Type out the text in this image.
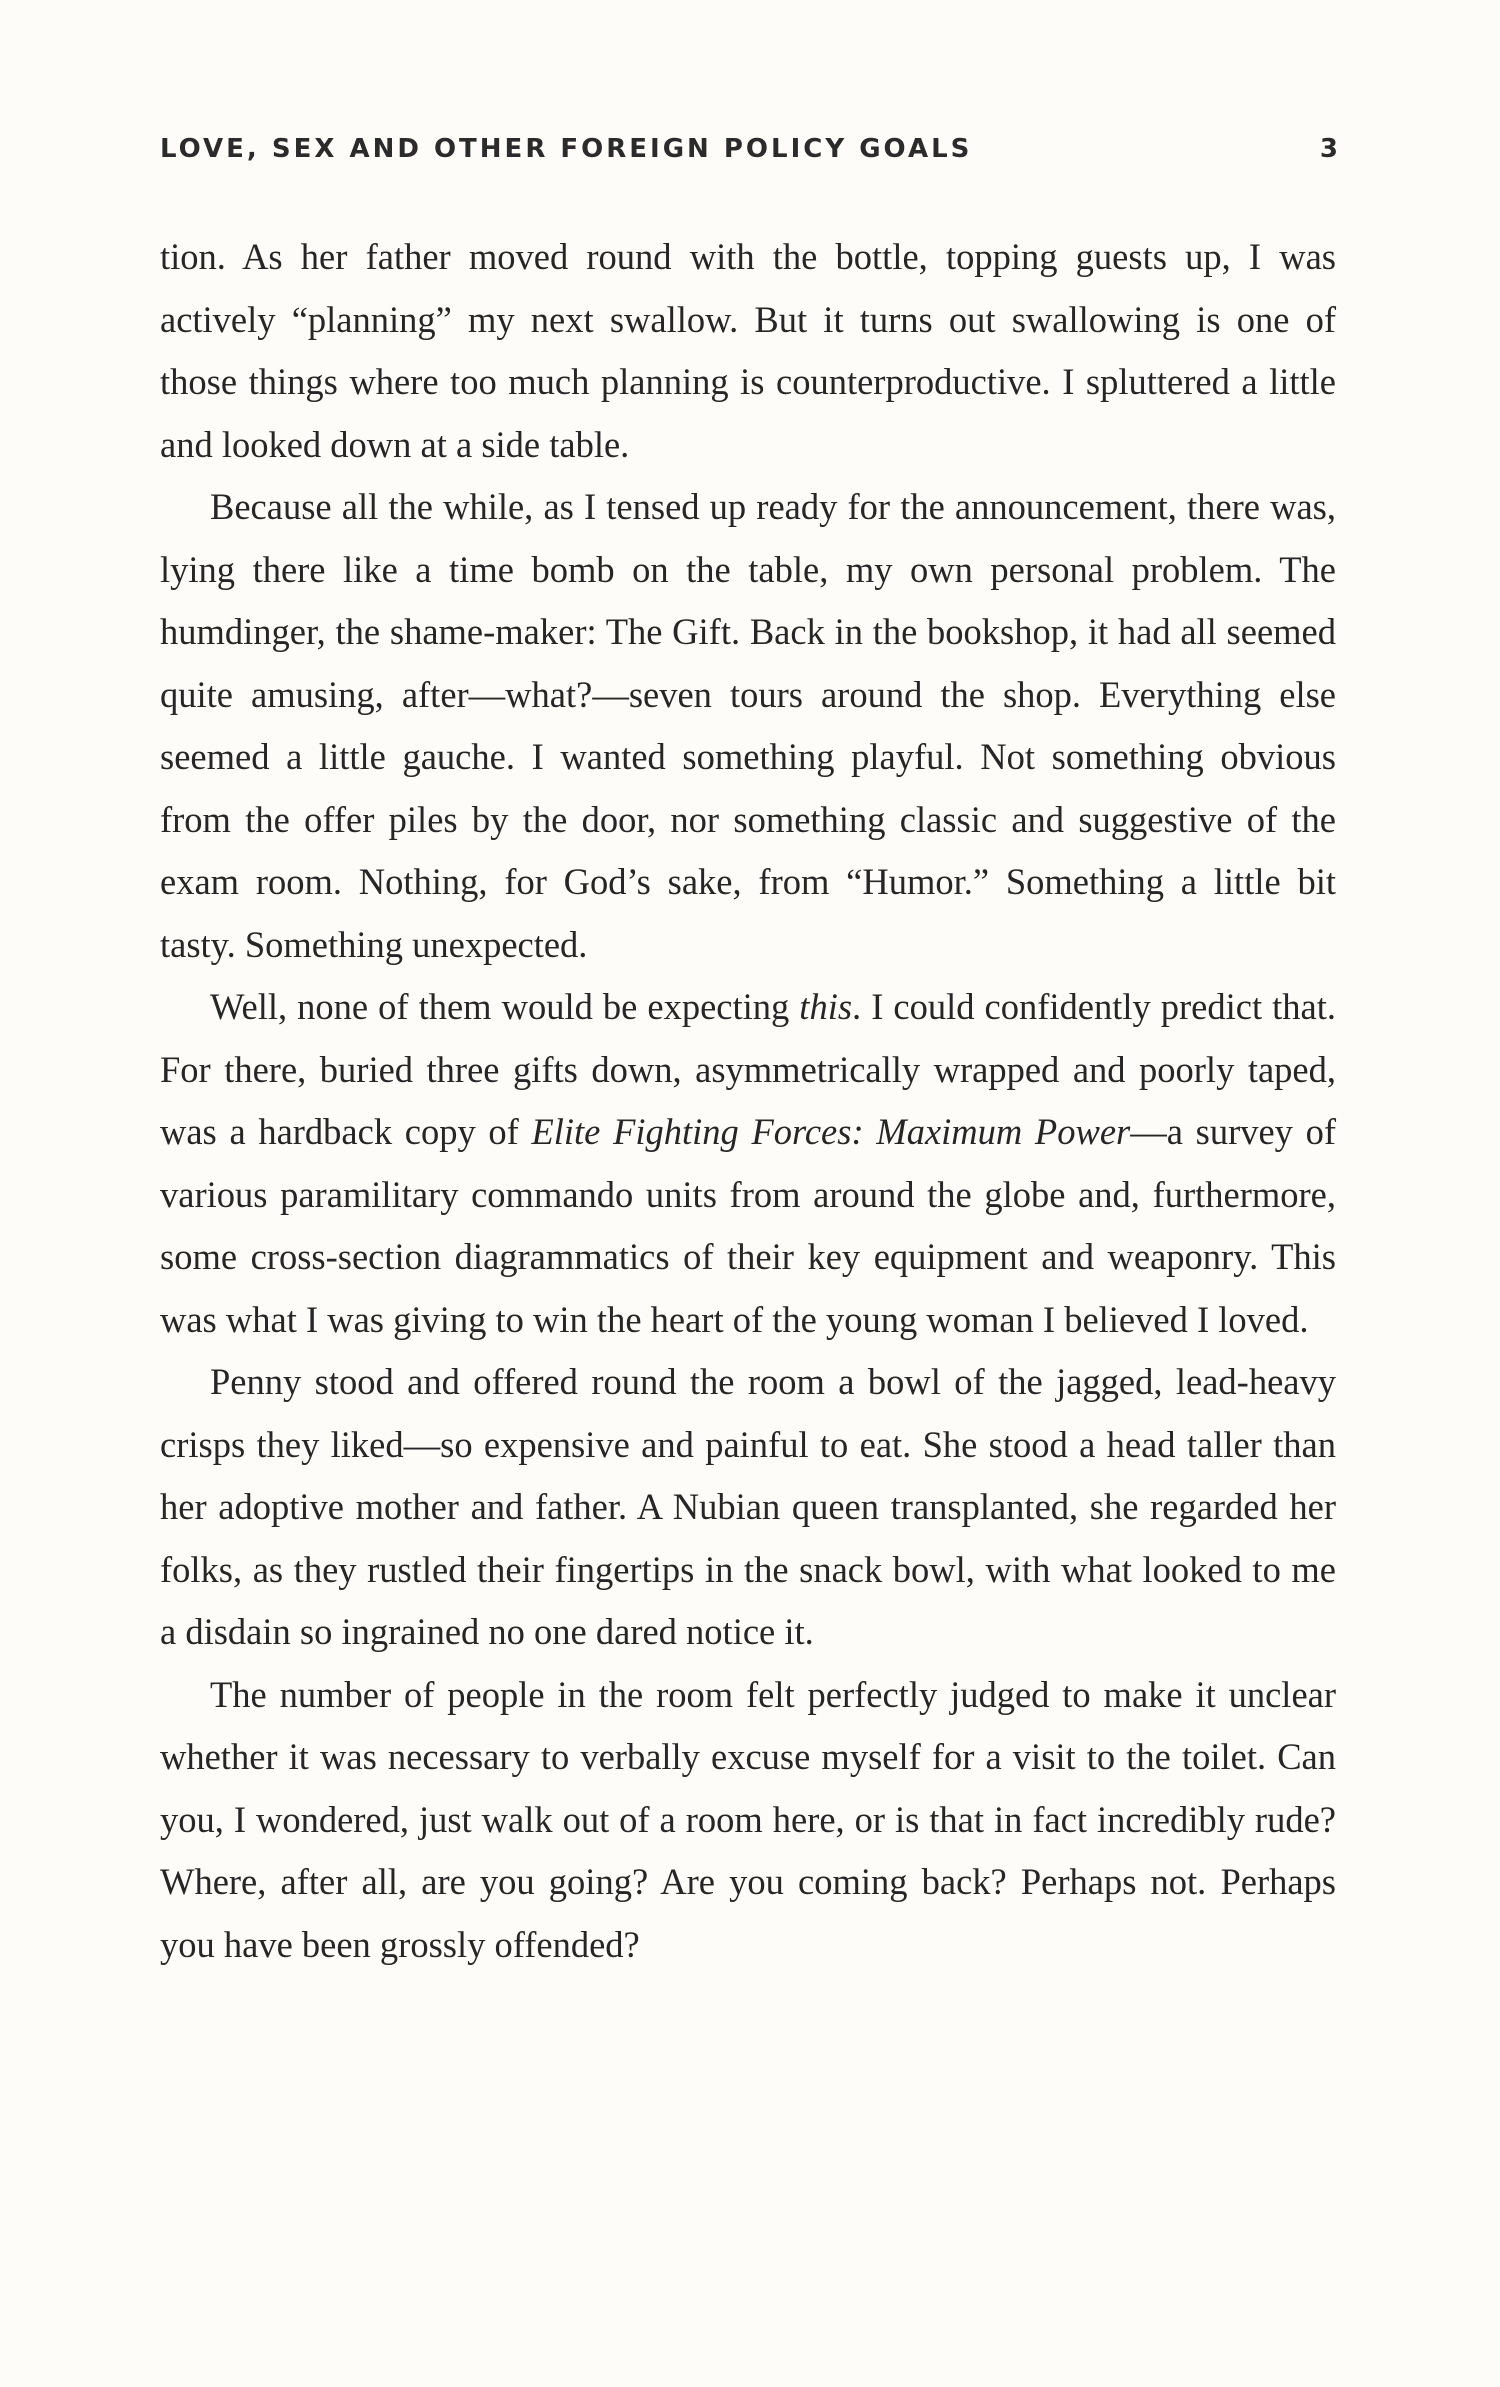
LOVE, SEX AND OTHER FOREIGN POLICY GOALS	3

tion. As her father moved round with the bottle, topping guests up, I was actively “planning” my next swallow. But it turns out swallowing is one of those things where too much planning is counterproductive. I spluttered a little and looked down at a side table.

Because all the while, as I tensed up ready for the announcement, there was, lying there like a time bomb on the table, my own personal problem. The humdinger, the shame-maker: The Gift. Back in the bookshop, it had all seemed quite amusing, after—what?—seven tours around the shop. Everything else seemed a little gauche. I wanted something playful. Not something obvious from the offer piles by the door, nor something classic and suggestive of the exam room. Nothing, for God’s sake, from “Humor.” Something a little bit tasty. Something unexpected.

Well, none of them would be expecting this. I could confidently predict that. For there, buried three gifts down, asymmetrically wrapped and poorly taped, was a hardback copy of Elite Fighting Forces: Maximum Power—a survey of various paramilitary commando units from around the globe and, furthermore, some cross-section diagrammatics of their key equipment and weaponry. This was what I was giving to win the heart of the young woman I believed I loved.

Penny stood and offered round the room a bowl of the jagged, lead-heavy crisps they liked—so expensive and painful to eat. She stood a head taller than her adoptive mother and father. A Nubian queen transplanted, she regarded her folks, as they rustled their fingertips in the snack bowl, with what looked to me a disdain so ingrained no one dared notice it.

The number of people in the room felt perfectly judged to make it unclear whether it was necessary to verbally excuse myself for a visit to the toilet. Can you, I wondered, just walk out of a room here, or is that in fact incredibly rude? Where, after all, are you going? Are you coming back? Perhaps not. Perhaps you have been grossly offended?
